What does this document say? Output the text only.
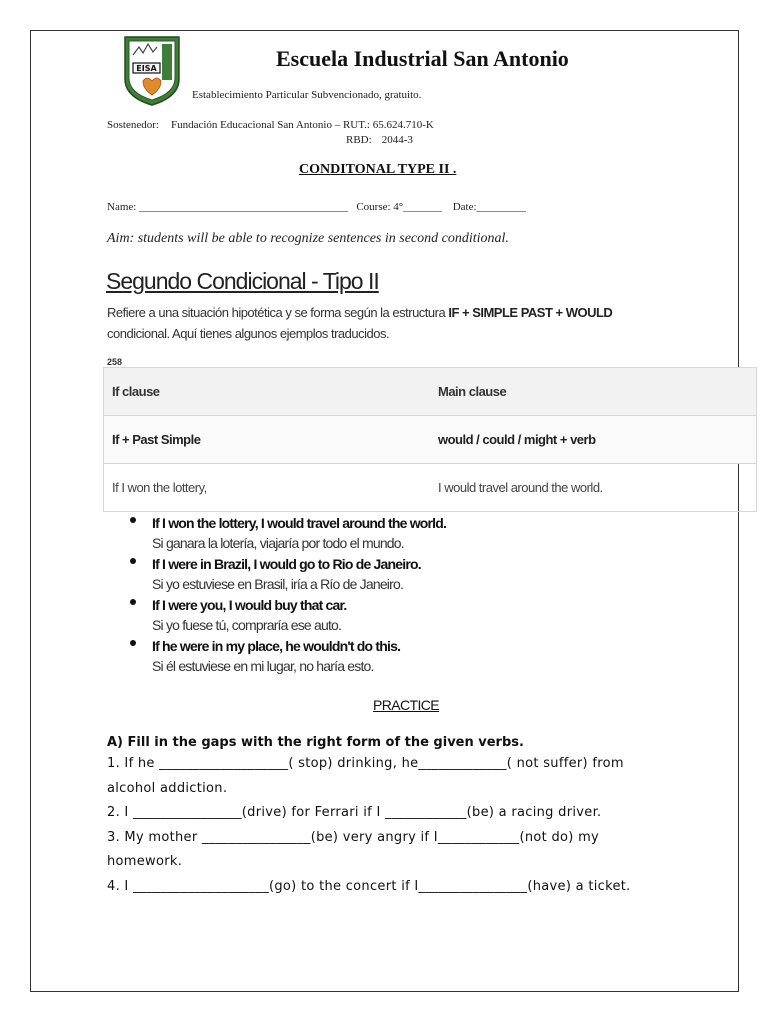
EISA	Escuela Industrial San Antonio
Establecimiento Particular Subvencionado, gratuito.
Sostenedor: Fundación Educacional San Antonio – RUT.: 65.624.710-K
RBD: 2044-3
CONDITONAL TYPE II .
Name: ______________________________________   Course: 4°_______    Date:_________
Aim: students will be able to recognize sentences in second conditional.
Segundo Condicional - Tipo II
Refiere a una situación hipotética y se forma según la estructura IF + SIMPLE PAST + WOULD
condicional. Aquí tienes algunos ejemplos traducidos.
258
If clause	Main clause
If + Past Simple	would / could / might + verb
If I won the lottery,	I would travel around the world.
If I won the lottery, I would travel around the world.
Si ganara la lotería, viajaría por todo el mundo.
If I were in Brazil, I would go to Rio de Janeiro.
Si yo estuviese en Brasil, iría a Río de Janeiro.
If I were you, I would buy that car.
Si yo fuese tú, compraría ese auto.
If he were in my place, he wouldn't do this.
Si él estuviese en mi lugar, no haría esto.
PRACTICE
A) Fill in the gaps with the right form of the given verbs.
1. If he ___________________( stop) drinking, he_____________( not suffer) from
alcohol addiction.
2. I ________________(drive) for Ferrari if I ____________(be) a racing driver.
3. My mother ________________(be) very angry if I____________(not do) my
homework.
4. I ____________________(go) to the concert if I________________(have) a ticket.
